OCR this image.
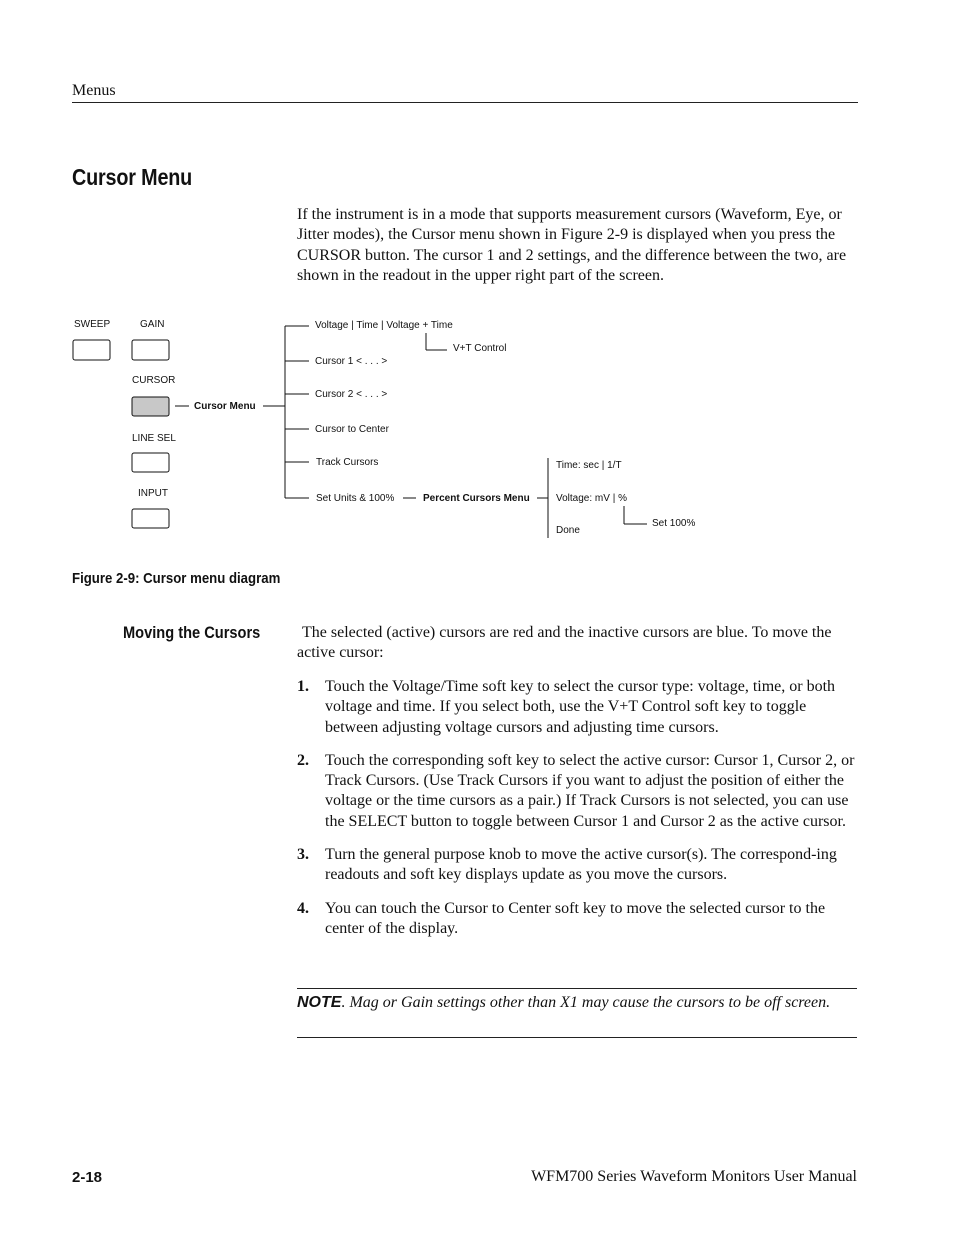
Menus
Cursor Menu
If the instrument is in a mode that supports measurement cursors (Waveform, Eye, or Jitter modes), the Cursor menu shown in Figure 2-9 is displayed when you press the CURSOR button. The cursor 1 and 2 settings, and the difference between the two, are shown in the readout in the upper right part of the screen.
SWEEP	GAIN
CURSOR
LINE SEL
INPUT
Cursor Menu
Voltage | Time | Voltage + Time
V+T Control
Cursor 1 < . . . >
Cursor 2 < . . . >
Cursor to Center
Track Cursors
Set Units & 100%	Percent Cursors Menu
Time: sec | 1/T
Voltage: mV | %
Done
Set 100%
Figure 2-9: Cursor menu diagram
Moving the Cursors	The selected (active) cursors are red and the inactive cursors are blue. To move the active cursor:
1. Touch the Voltage/Time soft key to select the cursor type: voltage, time, or both voltage and time. If you select both, use the V+T Control soft key to toggle between adjusting voltage cursors and adjusting time cursors.
2. Touch the corresponding soft key to select the active cursor: Cursor 1, Cursor 2, or Track Cursors. (Use Track Cursors if you want to adjust the position of either the voltage or the time cursors as a pair.) If Track Cursors is not selected, you can use the SELECT button to toggle between Cursor 1 and Cursor 2 as the active cursor.
3. Turn the general purpose knob to move the active cursor(s). The correspond-ing readouts and soft key displays update as you move the cursors.
4. You can touch the Cursor to Center soft key to move the selected cursor to the center of the display.
NOTE. Mag or Gain settings other than X1 may cause the cursors to be off screen.
2-18	WFM700 Series Waveform Monitors User Manual
